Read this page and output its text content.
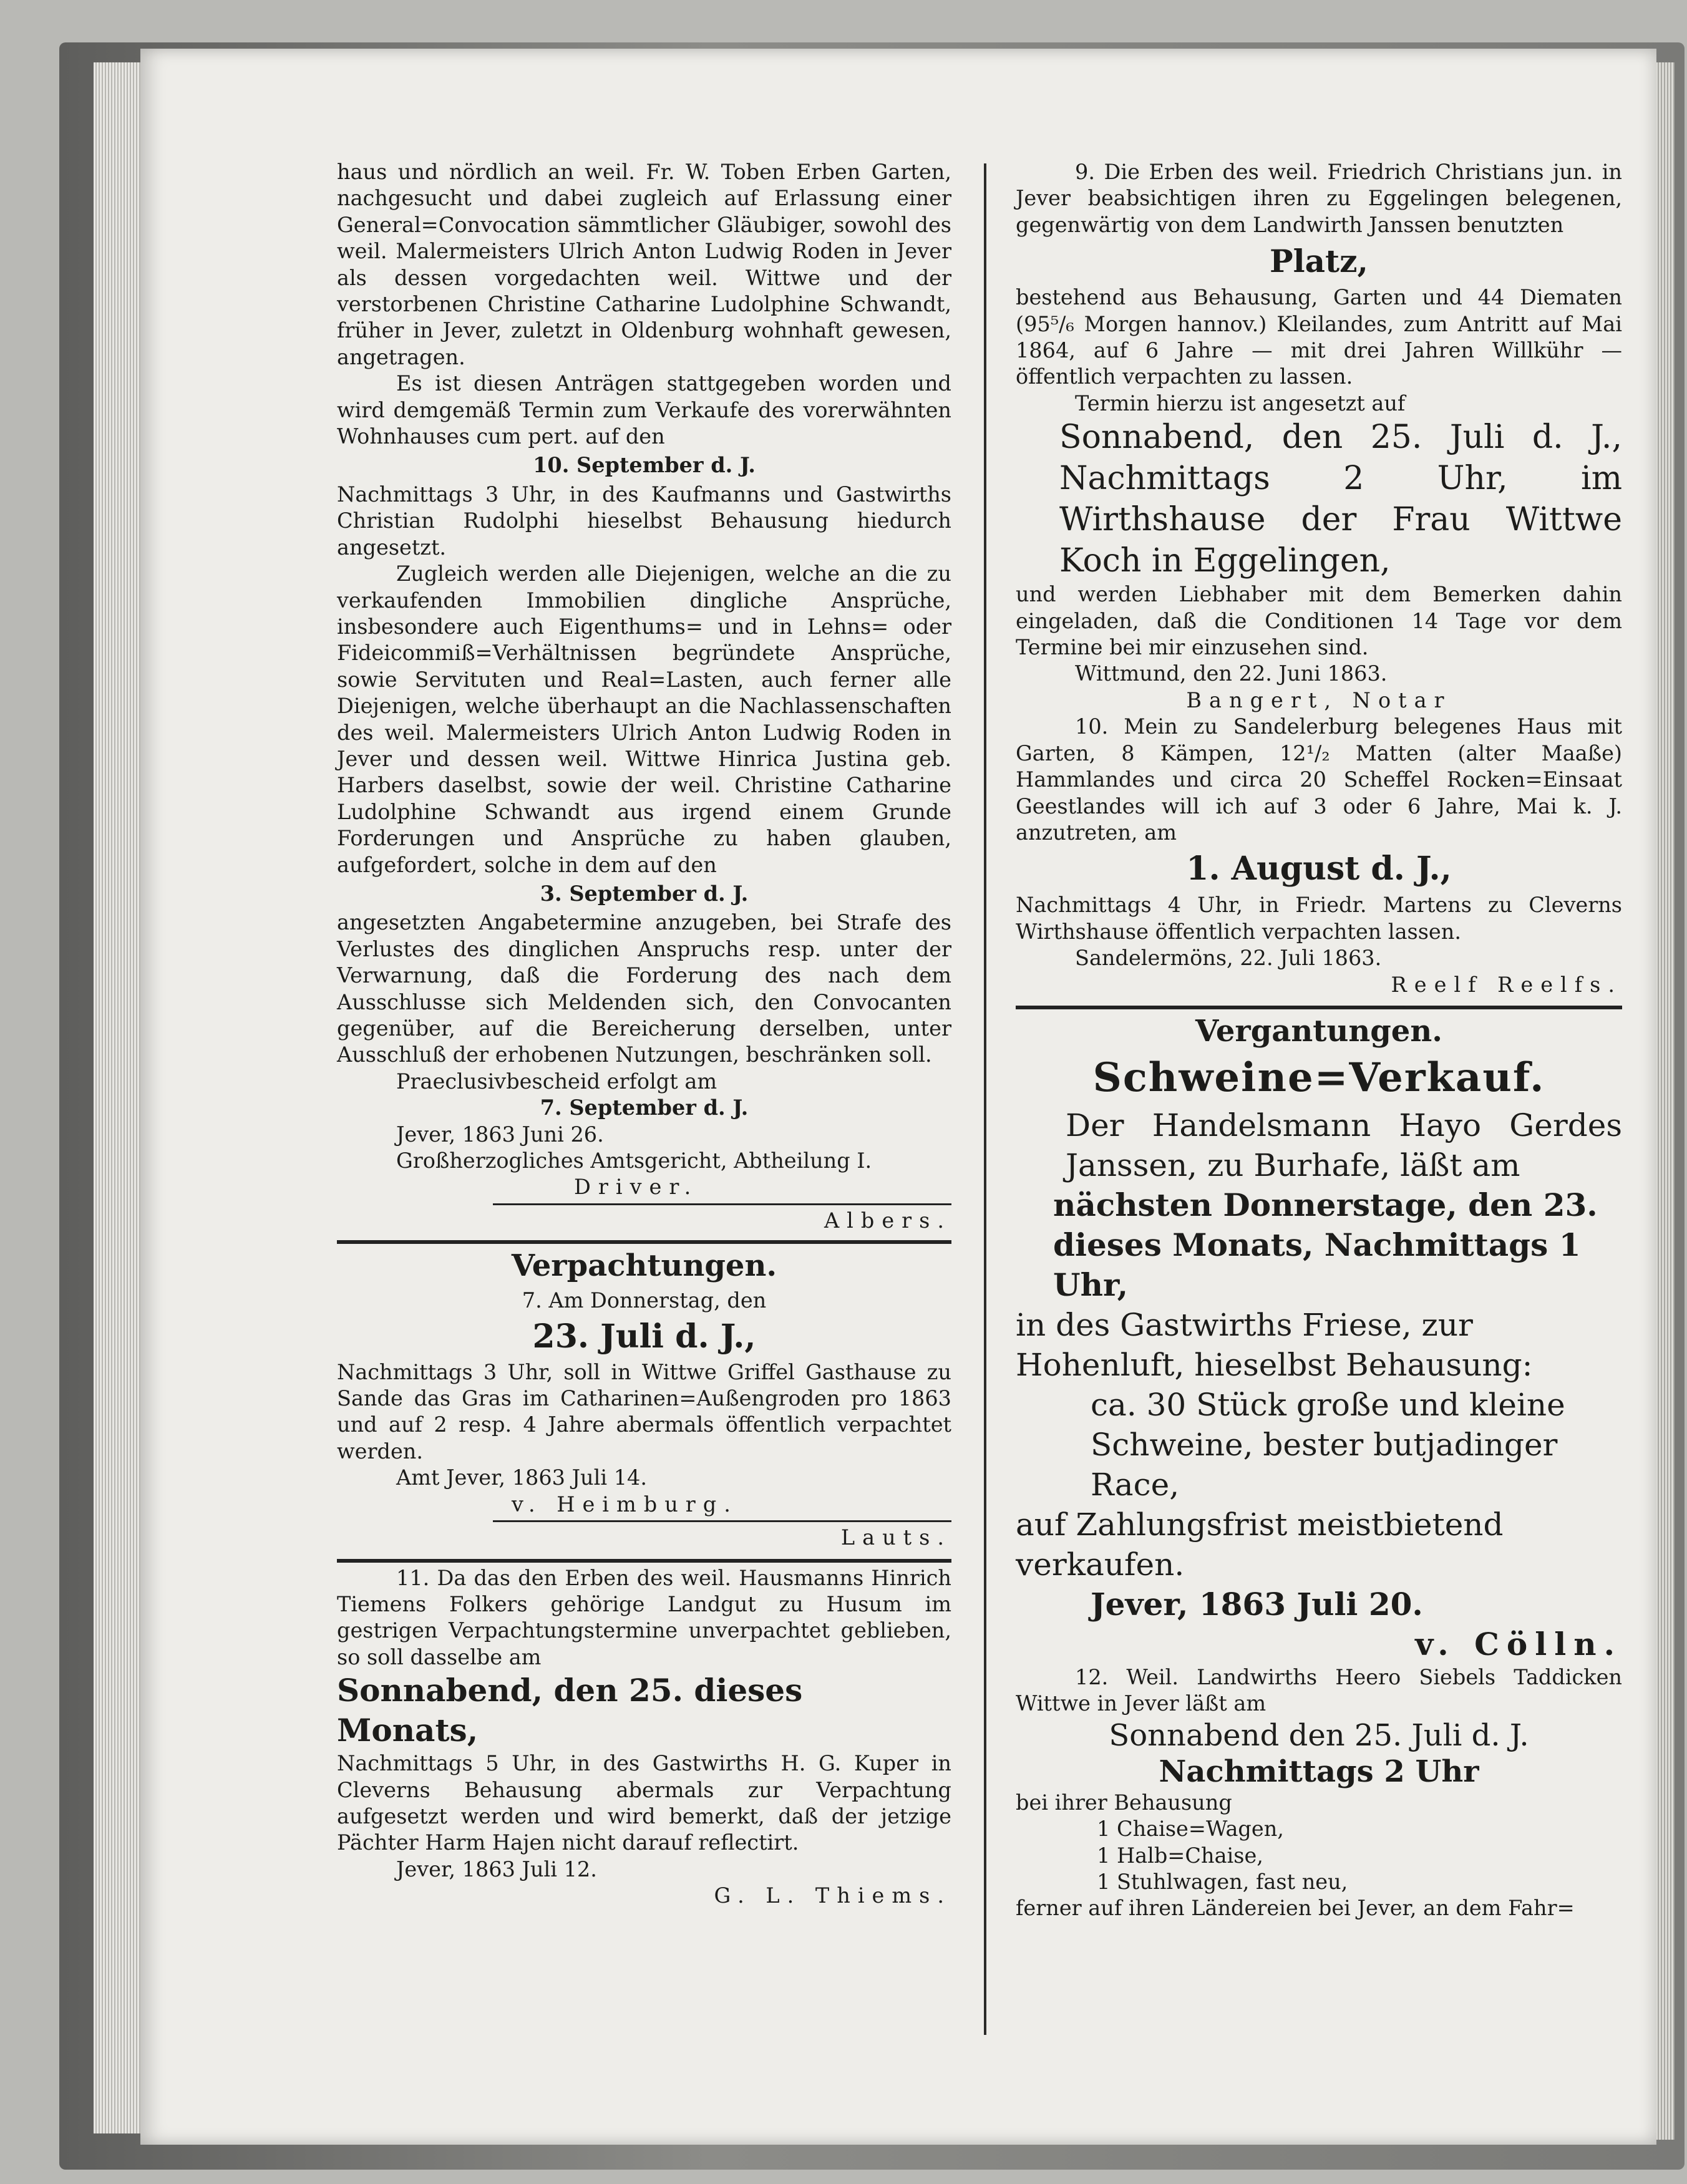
haus und nördlich an weil. Fr. W. Toben Erben Garten, nachgesucht und dabei zugleich auf Erlassung einer General=Convocation sämmtlicher Gläubiger, sowohl des weil. Malermeisters Ulrich Anton Ludwig Roden in Jever als dessen vorgedachten weil. Wittwe und der verstorbenen Christine Catharine Ludolphine Schwandt, früher in Jever, zuletzt in Oldenburg wohnhaft gewesen, angetragen.

Es ist diesen Anträgen stattgegeben worden und wird demgemäß Termin zum Verkaufe des vorerwähnten Wohnhauses cum pert. auf den

10. September d. J.

Nachmittags 3 Uhr, in des Kaufmanns und Gastwirths Christian Rudolphi hieselbst Behausung hiedurch angesetzt.

Zugleich werden alle Diejenigen, welche an die zu verkaufenden Immobilien dingliche Ansprüche, insbesondere auch Eigenthums= und in Lehns= oder Fideicommiß=Verhältnissen begründete Ansprüche, sowie Servituten und Real=Lasten, auch ferner alle Diejenigen, welche überhaupt an die Nachlassenschaften des weil. Malermeisters Ulrich Anton Ludwig Roden in Jever und dessen weil. Wittwe Hinrica Justina geb. Harbers daselbst, sowie der weil. Christine Catharine Ludolphine Schwandt aus irgend einem Grunde Forderungen und Ansprüche zu haben glauben, aufgefordert, solche in dem auf den

3. September d. J.

angesetzten Angabetermine anzugeben, bei Strafe des Verlustes des dinglichen Anspruchs resp. unter der Verwarnung, daß die Forderung des nach dem Ausschlusse sich Meldenden sich, den Convocanten gegenüber, auf die Bereicherung derselben, unter Ausschluß der erhobenen Nutzungen, beschränken soll.

Praeclusivbescheid erfolgt am

7. September d. J.

Jever, 1863 Juni 26.

Großherzogliches Amtsgericht, Abtheilung I.

Driver.

Albers.

Verpachtungen.

7. Am Donnerstag, den

23. Juli d. J.,

Nachmittags 3 Uhr, soll in Wittwe Griffel Gasthause zu Sande das Gras im Catharinen=Außengroden pro 1863 und auf 2 resp. 4 Jahre abermals öffentlich verpachtet werden.

Amt Jever, 1863 Juli 14.

v. Heimburg.

Lauts.

11. Da das den Erben des weil. Hausmanns Hinrich Tiemens Folkers gehörige Landgut zu Husum im gestrigen Verpachtungstermine unverpachtet geblieben, so soll dasselbe am

Sonnabend, den 25. dieses Monats,

Nachmittags 5 Uhr, in des Gastwirths H. G. Kuper in Cleverns Behausung abermals zur Verpachtung aufgesetzt werden und wird bemerkt, daß der jetzige Pächter Harm Hajen nicht darauf reflectirt.

Jever, 1863 Juli 12.

G. L. Thiems.

9. Die Erben des weil. Friedrich Christians jun. in Jever beabsichtigen ihren zu Eggelingen belegenen, gegenwärtig von dem Landwirth Janssen benutzten

Platz,

bestehend aus Behausung, Garten und 44 Diematen (95⁵/₆ Morgen hannov.) Kleilandes, zum Antritt auf Mai 1864, auf 6 Jahre — mit drei Jahren Willkühr — öffentlich verpachten zu lassen.

Termin hierzu ist angesetzt auf

Sonnabend, den 25. Juli d. J., Nachmittags 2 Uhr, im Wirthshause der Frau Wittwe Koch in Eggelingen,

und werden Liebhaber mit dem Bemerken dahin eingeladen, daß die Conditionen 14 Tage vor dem Termine bei mir einzusehen sind.

Wittmund, den 22. Juni 1863.

Bangert, Notar

10. Mein zu Sandelerburg belegenes Haus mit Garten, 8 Kämpen, 12¹/₂ Matten (alter Maaße) Hammlandes und circa 20 Scheffel Rocken=Einsaat Geestlandes will ich auf 3 oder 6 Jahre, Mai k. J. anzutreten, am

1. August d. J.,

Nachmittags 4 Uhr, in Friedr. Martens zu Cleverns Wirthshause öffentlich verpachten lassen.

Sandelermöns, 22. Juli 1863.

Reelf Reelfs.

Vergantungen.

Schweine=Verkauf.

Der Handelsmann Hayo Gerdes Janssen, zu Burhafe, läßt am

nächsten Donnerstage, den 23. dieses Monats, Nachmittags 1 Uhr,

in des Gastwirths Friese, zur Hohenluft, hieselbst Behausung:

ca. 30 Stück große und kleine Schweine, bester butjadinger Race,

auf Zahlungsfrist meistbietend verkaufen.

Jever, 1863 Juli 20.

v. Cölln.

12. Weil. Landwirths Heero Siebels Taddicken Wittwe in Jever läßt am

Sonnabend den 25. Juli d. J.

Nachmittags 2 Uhr

bei ihrer Behausung

1 Chaise=Wagen,

1 Halb=Chaise,

1 Stuhlwagen, fast neu,

ferner auf ihren Ländereien bei Jever, an dem Fahr=
